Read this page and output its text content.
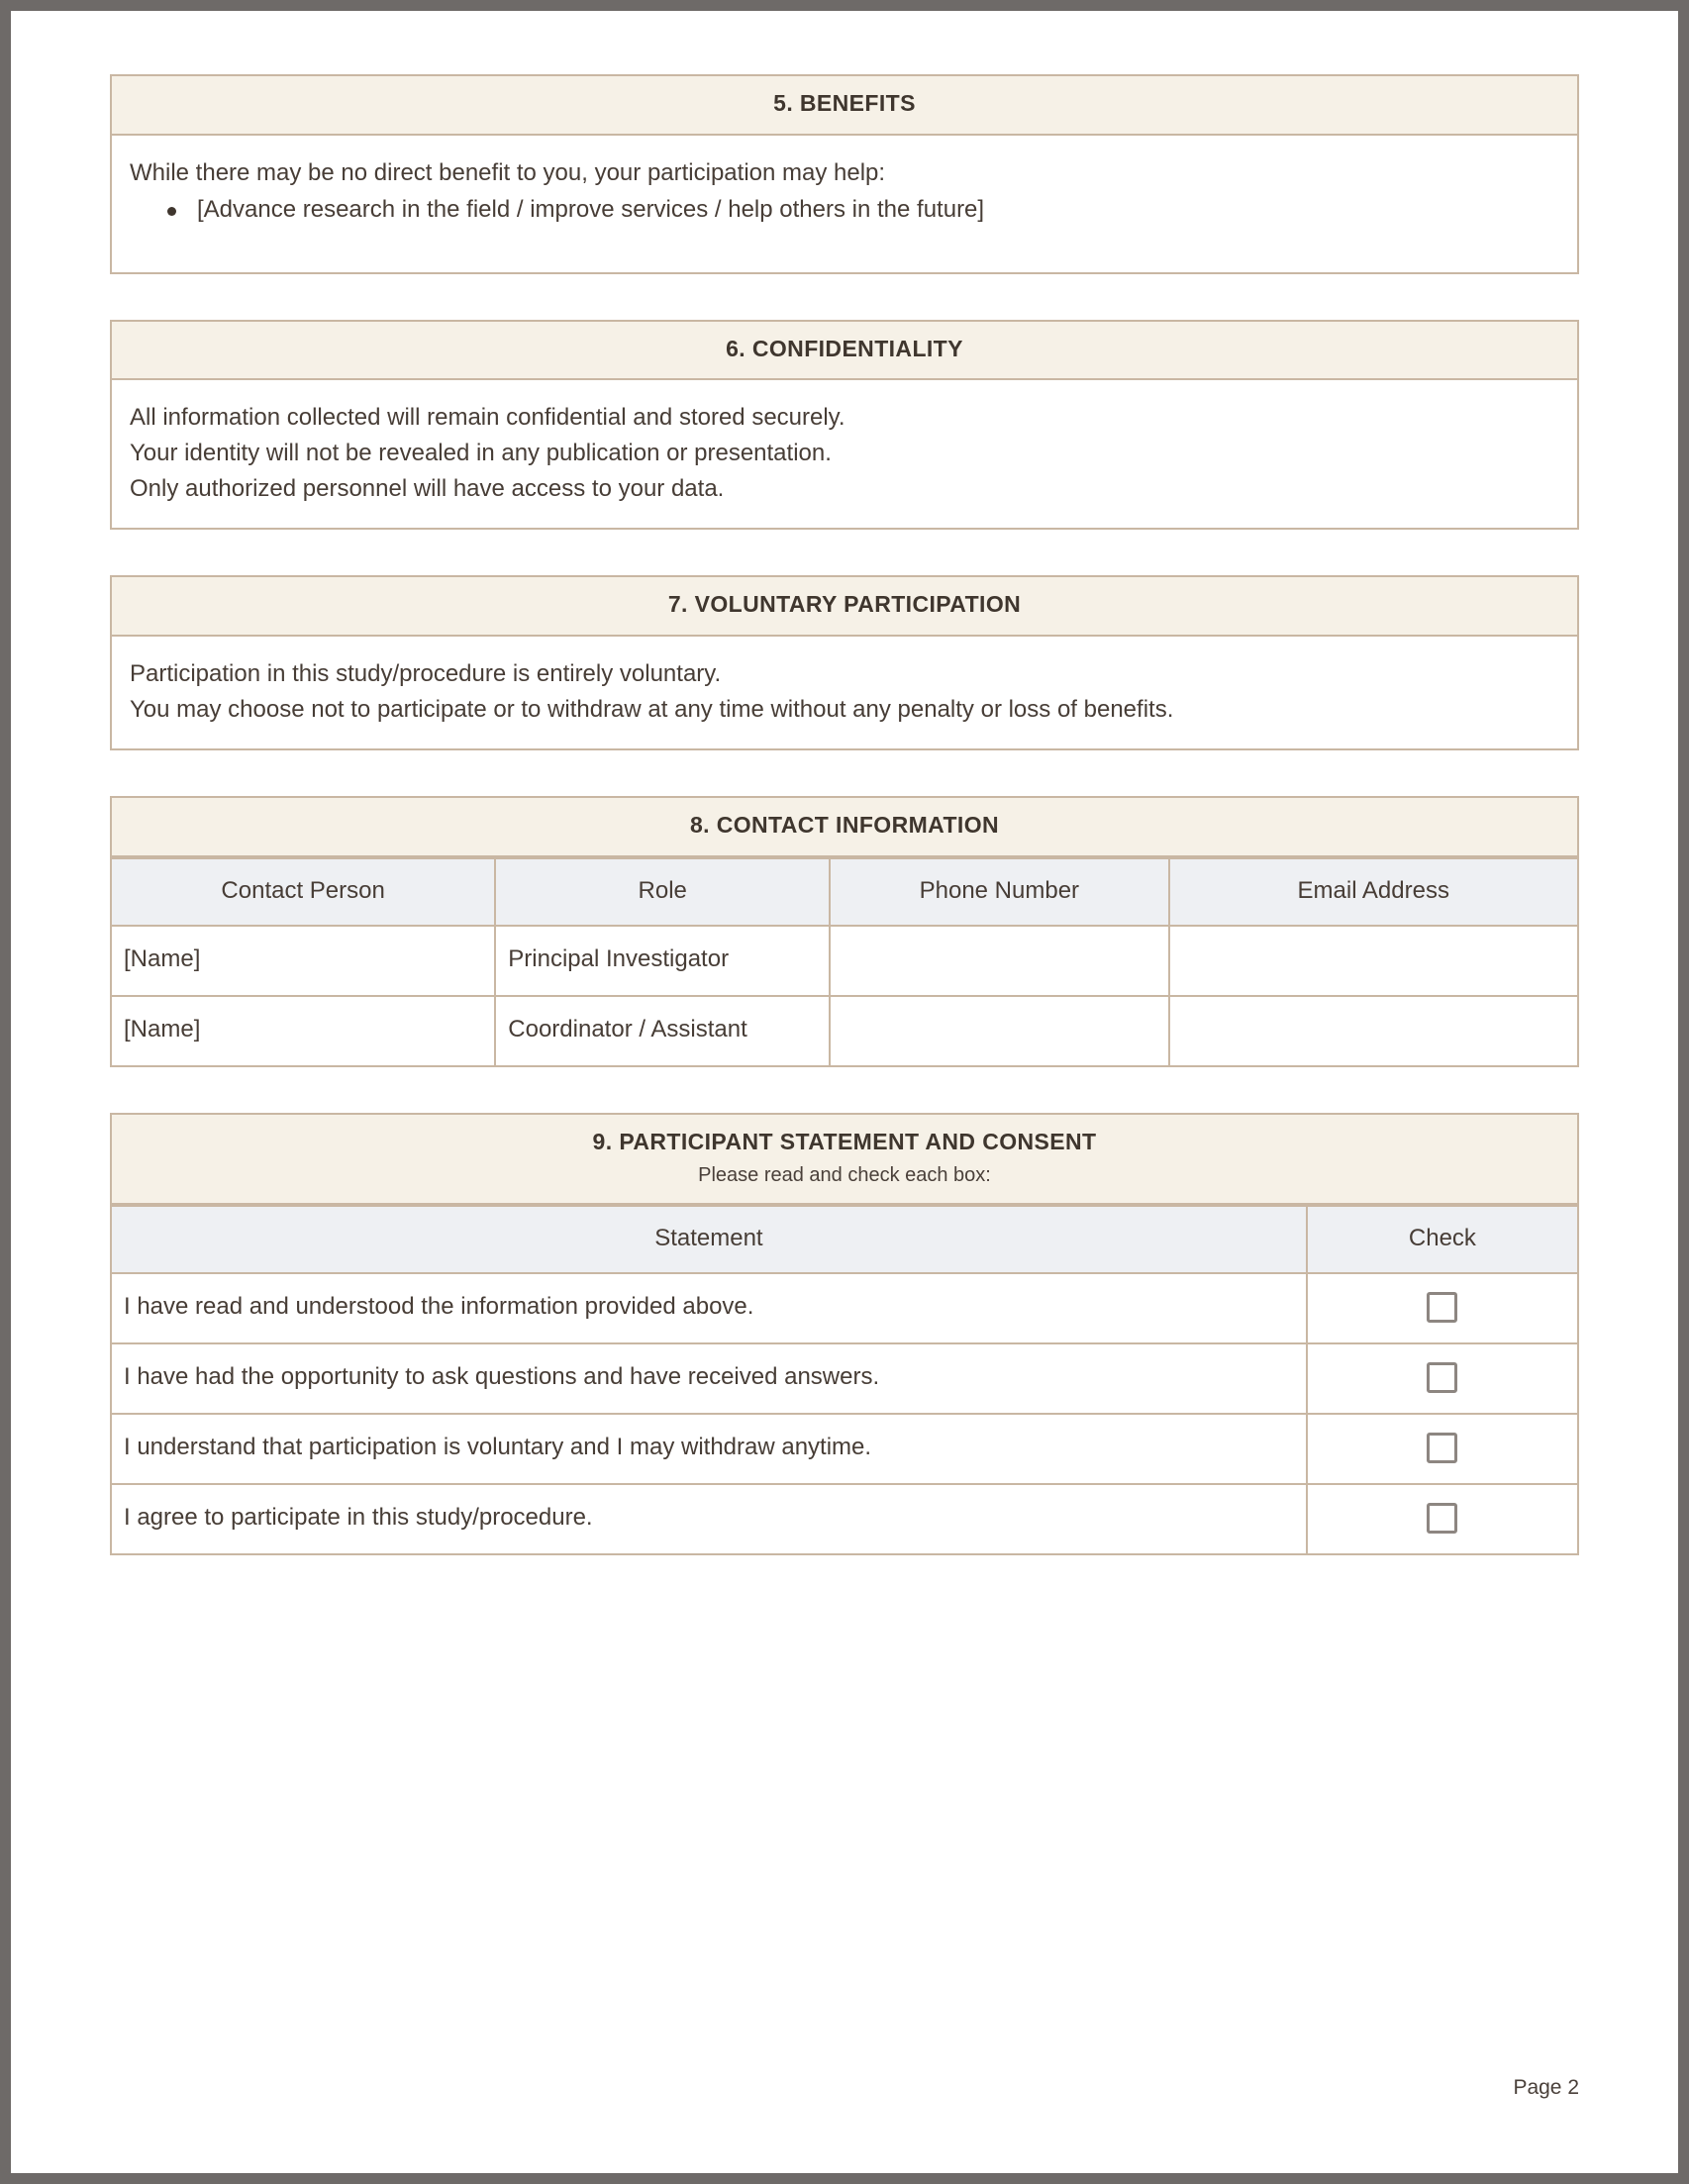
5. BENEFITS

While there may be no direct benefit to you, your participation may help:

[Advance research in the field / improve services / help others in the future]
6. CONFIDENTIALITY

All information collected will remain confidential and stored securely.

Your identity will not be revealed in any publication or presentation.

Only authorized personnel will have access to your data.

7. VOLUNTARY PARTICIPATION

Participation in this study/procedure is entirely voluntary.

You may choose not to participate or to withdraw at any time without any penalty or loss of benefits.

8. CONTACT INFORMATION
Contact Person	Role	Phone Number	Email Address
[Name]	Principal Investigator		
[Name]	Coordinator / Assistant		
9. PARTICIPANT STATEMENT AND CONSENT
Please read and check each box:
Statement	Check
I have read and understood the information provided above.	
I have had the opportunity to ask questions and have received answers.	
I understand that participation is voluntary and I may withdraw anytime.	
I agree to participate in this study/procedure.	
Page 2
